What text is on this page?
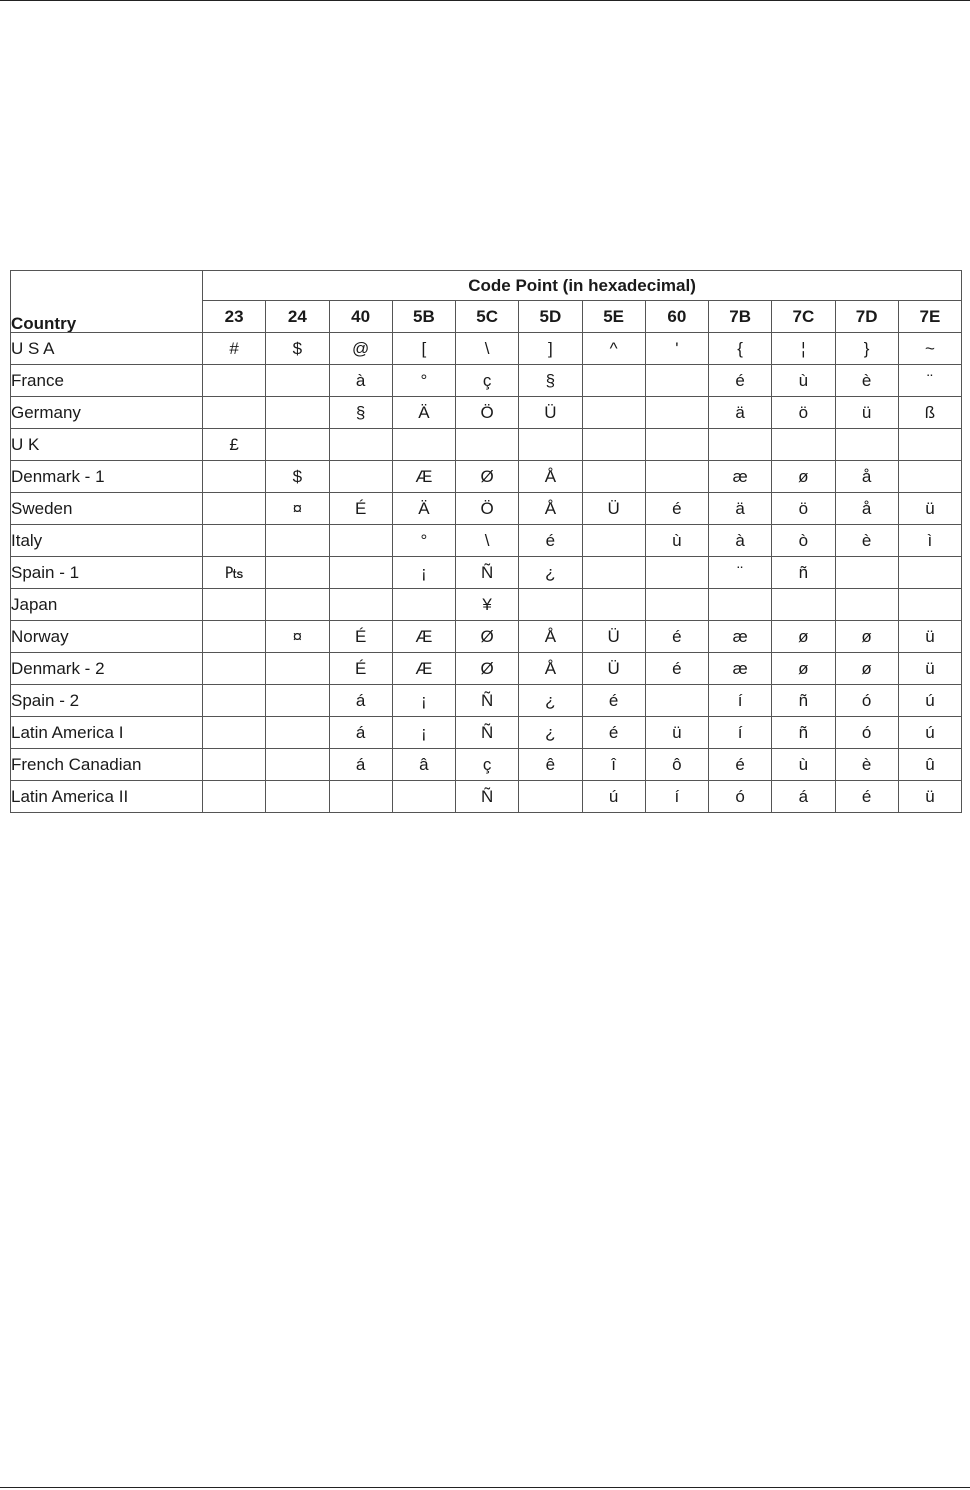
Country	Code Point (in hexadecimal)											
	23	24	40	5B	5C	5D	5E	60	7B	7C	7D	7E
U S A	#	$	@	[	\	]	^	'	{	¦	}	~
France			à	°	ç	§			é	ù	è	¨
Germany			§	Ä	Ö	Ü			ä	ö	ü	ß
U K	£											
Denmark - 1		$		Æ	Ø	Å			æ	ø	å	
Sweden		¤	É	Ä	Ö	Å	Ü	é	ä	ö	å	ü
Italy				°	\	é		ù	à	ò	è	ì
Spain - 1	₧			¡	Ñ	¿			¨	ñ		
Japan					¥							
Norway		¤	É	Æ	Ø	Å	Ü	é	æ	ø	ø	ü
Denmark - 2			É	Æ	Ø	Å	Ü	é	æ	ø	ø	ü
Spain - 2			á	¡	Ñ	¿	é		í	ñ	ó	ú
Latin America I			á	¡	Ñ	¿	é	ü	í	ñ	ó	ú
French Canadian			á	â	ç	ê	î	ô	é	ù	è	û
Latin America II					Ñ		ú	í	ó	á	é	ü
